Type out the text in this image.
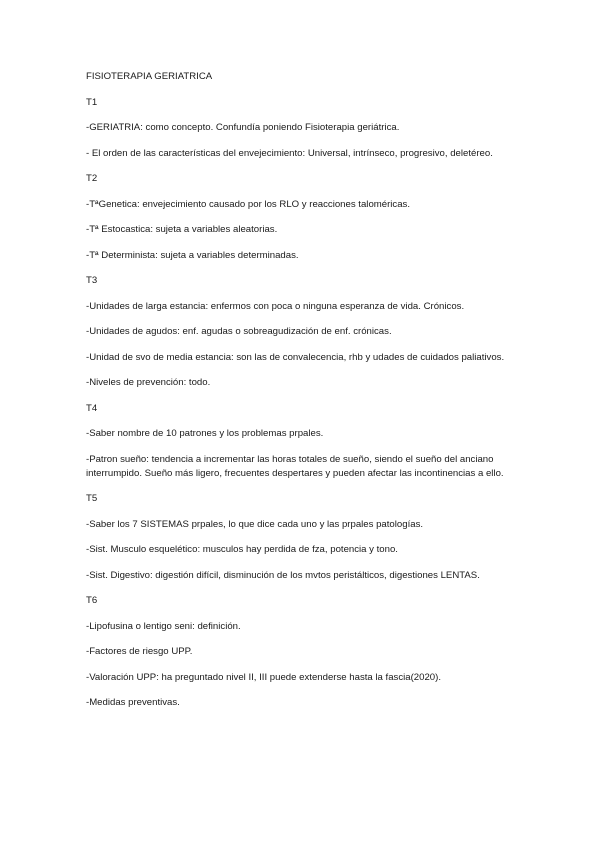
FISIOTERAPIA GERIATRICA
T1
-GERIATRIA: como concepto. Confundía poniendo Fisioterapia geriátrica.
- El orden de las características del envejecimiento: Universal, intrínseco, progresivo, deletéreo.
T2
-TªGenetica: envejecimiento causado por los RLO y reacciones taloméricas.
-Tª Estocastica: sujeta a variables aleatorias.
-Tª Determinista: sujeta a variables determinadas.
T3
-Unidades de larga estancia: enfermos con poca o ninguna esperanza de vida. Crónicos.
-Unidades de agudos: enf. agudas o sobreagudización de enf. crónicas.
-Unidad de svo de media estancia: son las de convalecencia, rhb y udades de cuidados paliativos.
-Niveles de prevención: todo.
T4
-Saber nombre de 10 patrones y los problemas prpales.
-Patron sueño: tendencia a incrementar las horas totales de sueño, siendo el sueño del anciano interrumpido. Sueño más ligero, frecuentes despertares y pueden afectar las incontinencias a ello.
T5
-Saber los 7 SISTEMAS prpales, lo que dice cada uno y las prpales patologías.
-Sist. Musculo esquelético: musculos hay perdida de fza, potencia y tono.
-Sist. Digestivo: digestión difícil, disminución de los mvtos peristálticos, digestiones LENTAS.
T6
-Lipofusina o lentigo seni: definición.
-Factores de riesgo UPP.
-Valoración UPP: ha preguntado nivel II, III puede extenderse hasta la fascia(2020).
-Medidas preventivas.
